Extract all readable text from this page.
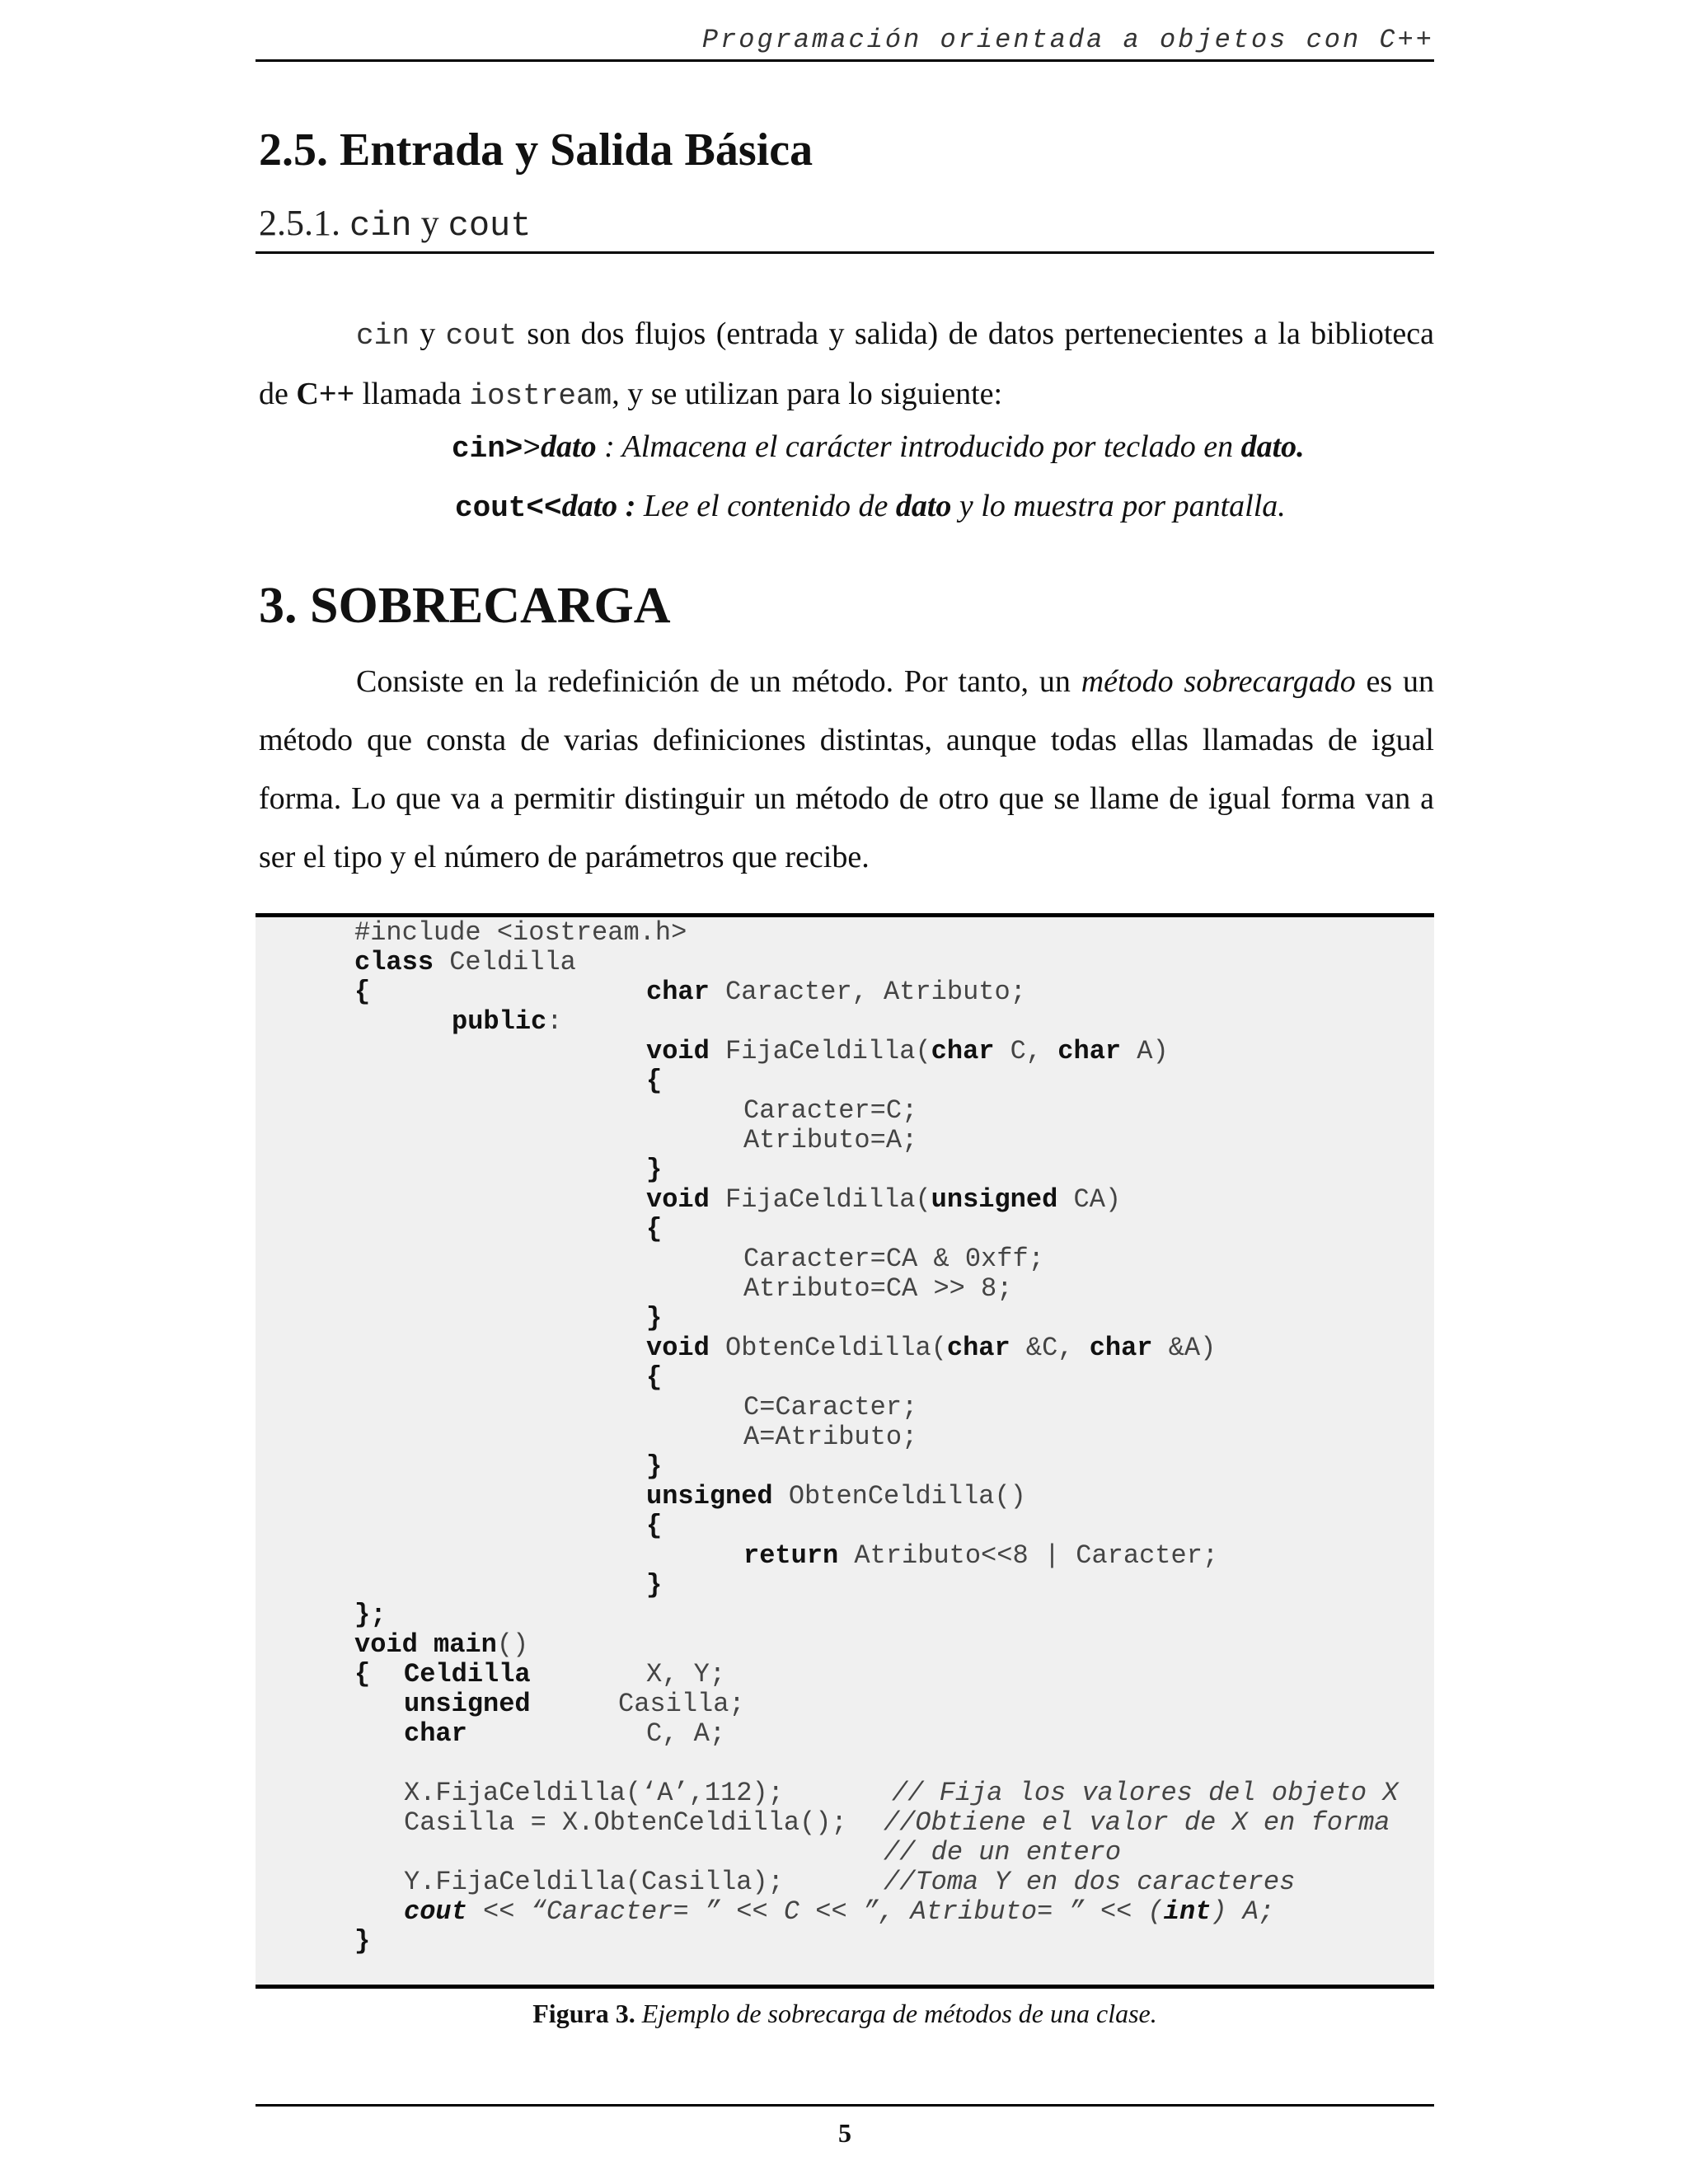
Programación orientada a objetos con C++
2.5. Entrada y Salida Básica
2.5.1. cin y cout
cin y cout son dos flujos (entrada y salida) de datos pertenecientes a la biblioteca de C++ llamada iostream, y se utilizan para lo siguiente:
cin>>dato : Almacena el carácter introducido por teclado en dato.
cout<<dato : Lee el contenido de dato y lo muestra por pantalla.
3. SOBRECARGA
Consiste en la redefinición de un método. Por tanto, un método sobrecargado es un método que consta de varias definiciones distintas, aunque todas ellas llamadas de igual forma. Lo que va a permitir distinguir un método de otro que se llame de igual forma van a ser el tipo y el número de parámetros que recibe.
#include <iostream.h>
class Celdilla
{	char Caracter, Atributo;
public:
void FijaCeldilla(char C, char A)
{
Caracter=C;
Atributo=A;
}
void FijaCeldilla(unsigned CA)
{
Caracter=CA & 0xff;
Atributo=CA >> 8;
}
void ObtenCeldilla(char &C, char &A)
{
C=Caracter;
A=Atributo;
}
unsigned ObtenCeldilla()
{
return Atributo<<8 | Caracter;
}
};
void main()
{ Celdilla	X, Y;
unsigned	Casilla;
char	C, A;
X.FijaCeldilla(‘A’,112);	// Fija los valores del objeto X
Casilla = X.ObtenCeldilla(); //Obtiene el valor de X en forma
// de un entero
Y.FijaCeldilla(Casilla);	//Toma Y en dos caracteres
cout << “Caracter= ” << C << ”, Atributo= ” << (int) A;
}
Figura 3. Ejemplo de sobrecarga de métodos de una clase.
5
